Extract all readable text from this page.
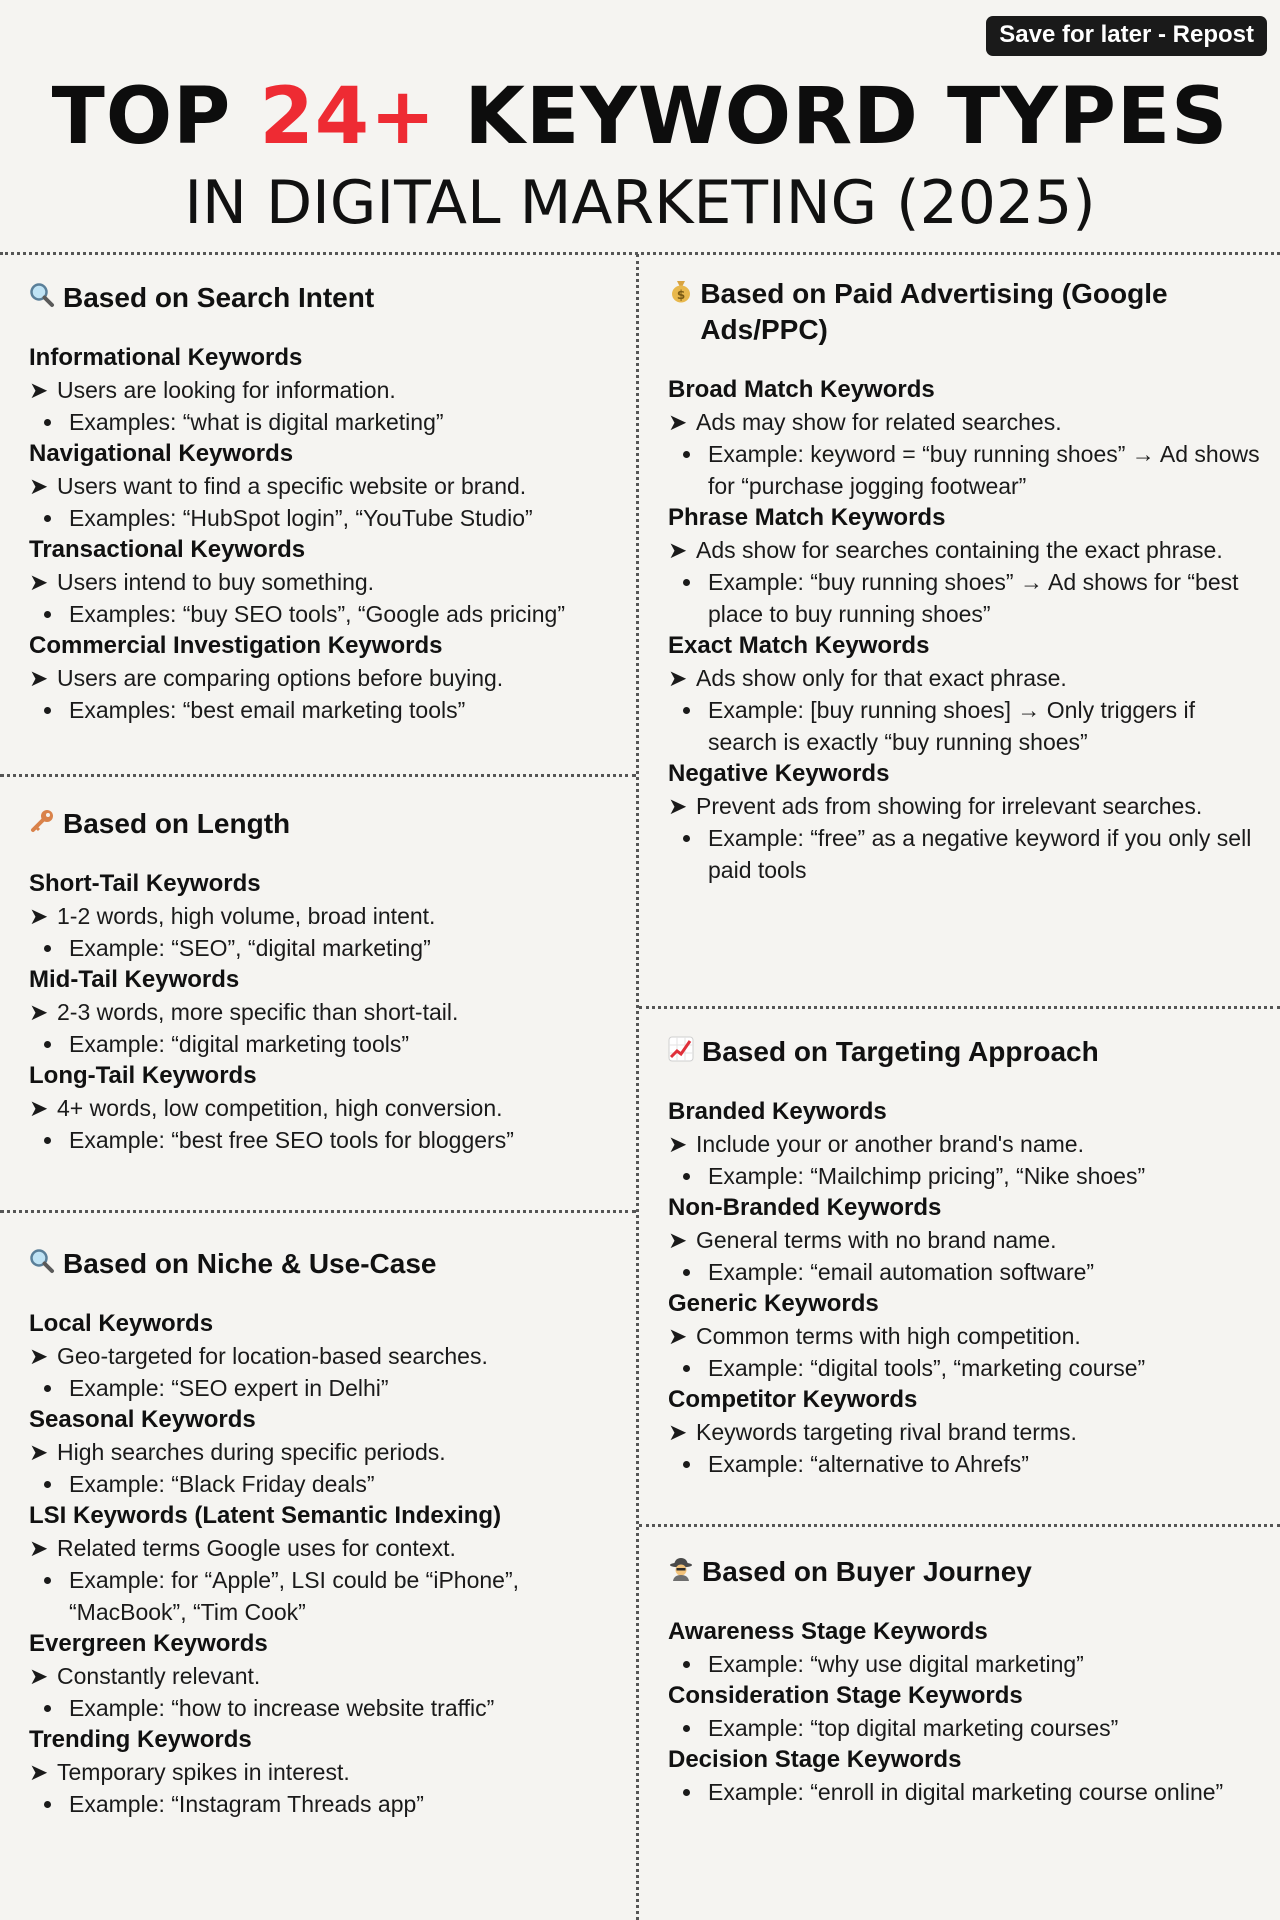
Save for later - Repost
TOP 24+ KEYWORD TYPES
IN DIGITAL MARKETING (2025)
Based on Search Intent
Informational Keywords
➤ Users are looking for information.
Examples: “what is digital marketing”
Navigational Keywords
➤ Users want to find a specific website or brand.
Examples: “HubSpot login”, “YouTube Studio”
Transactional Keywords
➤ Users intend to buy something.
Examples: “buy SEO tools”, “Google ads pricing”
Commercial Investigation Keywords
➤ Users are comparing options before buying.
Examples: “best email marketing tools”
Based on Length
Short-Tail Keywords
➤ 1-2 words, high volume, broad intent.
Example: “SEO”, “digital marketing”
Mid-Tail Keywords
➤ 2-3 words, more specific than short-tail.
Example: “digital marketing tools”
Long-Tail Keywords
➤ 4+ words, low competition, high conversion.
Example: “best free SEO tools for bloggers”
Based on Niche & Use-Case
Local Keywords
➤ Geo-targeted for location-based searches.
Example: “SEO expert in Delhi”
Seasonal Keywords
➤ High searches during specific periods.
Example: “Black Friday deals”
LSI Keywords (Latent Semantic Indexing)
➤ Related terms Google uses for context.
Example: for “Apple”, LSI could be “iPhone”, “MacBook”, “Tim Cook”
Evergreen Keywords
➤ Constantly relevant.
Example: “how to increase website traffic”
Trending Keywords
➤ Temporary spikes in interest.
Example: “Instagram Threads app”
$ Based on Paid Advertising (Google Ads/PPC)
Broad Match Keywords
➤ Ads may show for related searches.
Example: keyword = “buy running shoes” → Ad shows for “purchase jogging footwear”
Phrase Match Keywords
➤ Ads show for searches containing the exact phrase.
Example: “buy running shoes” → Ad shows for “best place to buy running shoes”
Exact Match Keywords
➤ Ads show only for that exact phrase.
Example: [buy running shoes] → Only triggers if search is exactly “buy running shoes”
Negative Keywords
➤ Prevent ads from showing for irrelevant searches.
Example: “free” as a negative keyword if you only sell paid tools
Based on Targeting Approach
Branded Keywords
➤ Include your or another brand's name.
Example: “Mailchimp pricing”, “Nike shoes”
Non-Branded Keywords
➤ General terms with no brand name.
Example: “email automation software”
Generic Keywords
➤ Common terms with high competition.
Example: “digital tools”, “marketing course”
Competitor Keywords
➤ Keywords targeting rival brand terms.
Example: “alternative to Ahrefs”
Based on Buyer Journey
Awareness Stage Keywords
Example: “why use digital marketing”
Consideration Stage Keywords
Example: “top digital marketing courses”
Decision Stage Keywords
Example: “enroll in digital marketing course online”
